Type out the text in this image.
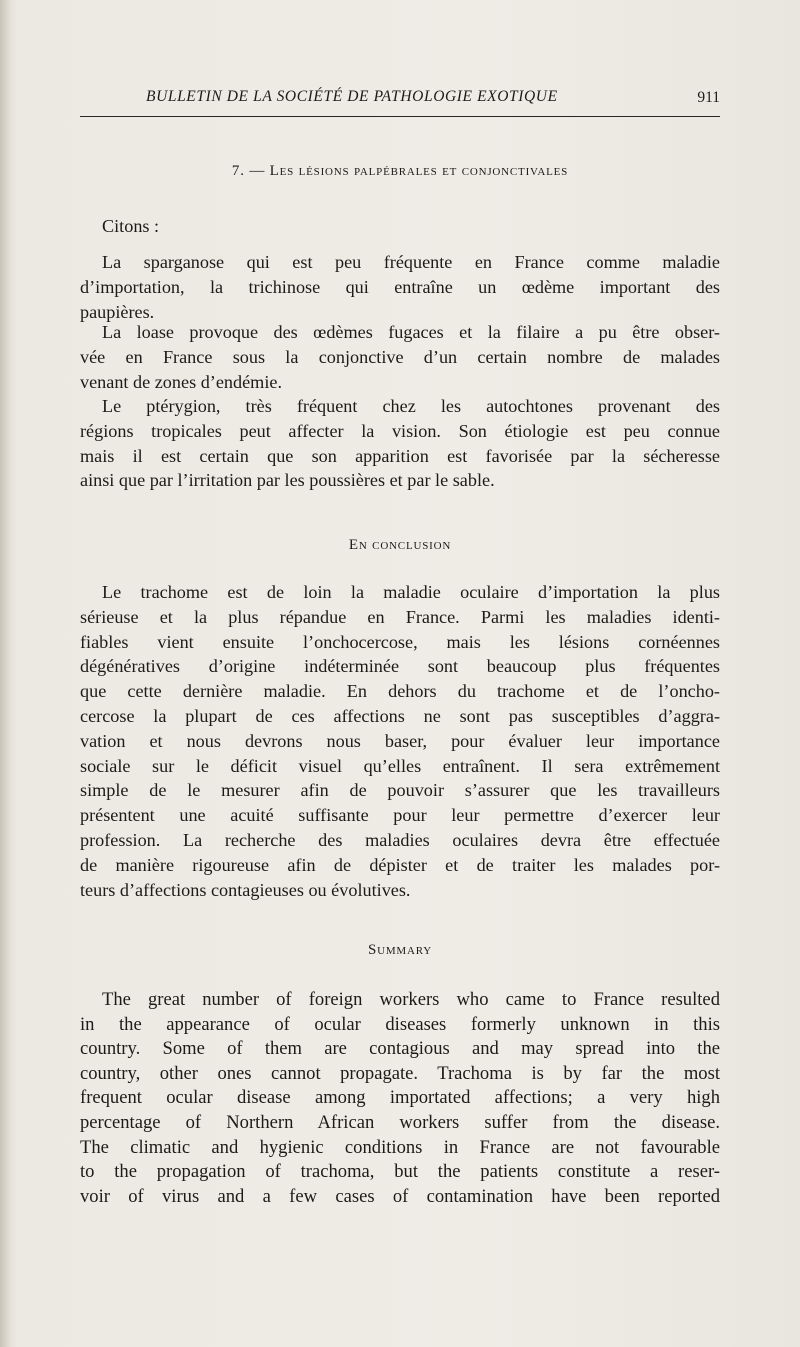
BULLETIN DE LA SOCIÉTÉ DE PATHOLOGIE EXOTIQUE	911
7. — Les lésions palpébrales et conjonctivales
Citons :
La sparganose qui est peu fréquente en France comme maladie
d’importation, la trichinose qui entraîne un œdème important des
paupières.
La loase provoque des œdèmes fugaces et la filaire a pu être obser-
vée en France sous la conjonctive d’un certain nombre de malades
venant de zones d’endémie.
Le ptérygion, très fréquent chez les autochtones provenant des
régions tropicales peut affecter la vision. Son étiologie est peu connue
mais il est certain que son apparition est favorisée par la sécheresse
ainsi que par l’irritation par les poussières et par le sable.
En conclusion
Le trachome est de loin la maladie oculaire d’importation la plus
sérieuse et la plus répandue en France. Parmi les maladies identi-
fiables vient ensuite l’onchocercose, mais les lésions cornéennes
dégénératives d’origine indéterminée sont beaucoup plus fréquentes
que cette dernière maladie. En dehors du trachome et de l’oncho-
cercose la plupart de ces affections ne sont pas susceptibles d’aggra-
vation et nous devrons nous baser, pour évaluer leur importance
sociale sur le déficit visuel qu’elles entraînent. Il sera extrêmement
simple de le mesurer afin de pouvoir s’assurer que les travailleurs
présentent une acuité suffisante pour leur permettre d’exercer leur
profession. La recherche des maladies oculaires devra être effectuée
de manière rigoureuse afin de dépister et de traiter les malades por-
teurs d’affections contagieuses ou évolutives.
Summary
The great number of foreign workers who came to France resulted
in the appearance of ocular diseases formerly unknown in this
country. Some of them are contagious and may spread into the
country, other ones cannot propagate. Trachoma is by far the most
frequent ocular disease among importated affections; a very high
percentage of Northern African workers suffer from the disease.
The climatic and hygienic conditions in France are not favourable
to the propagation of trachoma, but the patients constitute a reser-
voir of virus and a few cases of contamination have been reported
